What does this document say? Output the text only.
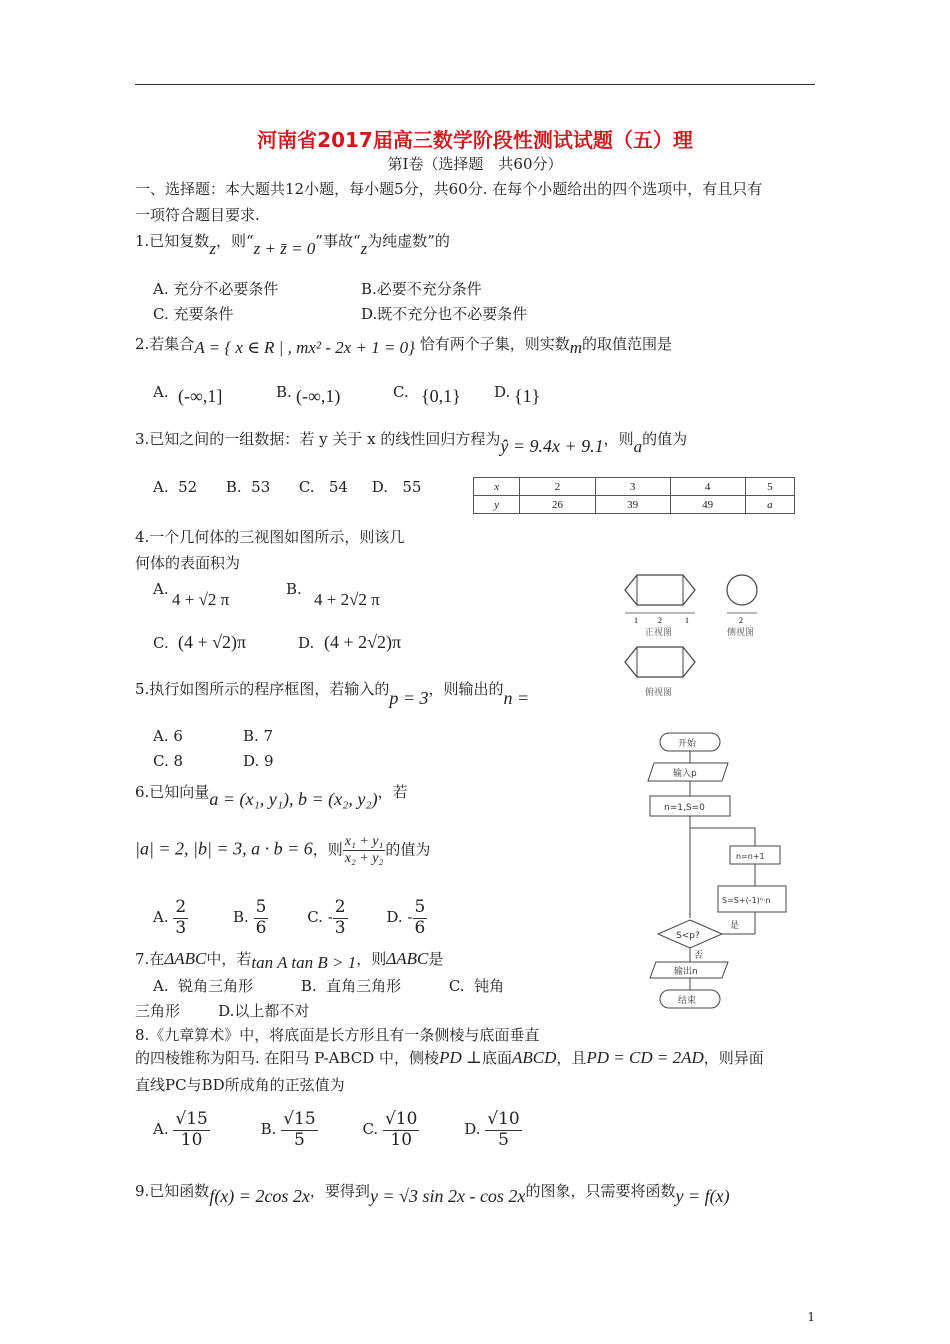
河南省2017届高三数学阶段性测试试题（五）理
第Ⅰ卷（选择题　共60分）
一、选择题：本大题共12小题，每小题5分，共60分. 在每个小题给出的四个选项中，有且只有
一项符合题目要求.
1.已知复数z，则“z + z̄ = 0”事故“z为纯虚数”的
A. 充分不必要条件	B.必要不充分条件
C. 充要条件	D.既不充分也不必要条件
2.若集合A = { x ∈ R | , mx² - 2x + 1 = 0} 恰有两个子集，则实数m的取值范围是
A. (-∞,1]	B. (-∞,1)	C. {0,1} D. {1}
3.已知之间的一组数据：若 y 关于 x 的线性回归方程为ŷ = 9.4x + 9.1，则a的值为
A.  52      B.  53      C.   54     D.   55	x	2	3	4	5
y	26	39	49	a
4.一个几何体的三视图如图所示，则该几
何体的表面积为
A.
4 + √2 π
B.
4 + 2√2 π
C. (4 + √2)π	D. (4 + 2√2)π
1	2	1
正视图
2
侧视图
俯视图
5.执行如图所示的程序框图，若输入的p = 3，则输出的n =
A. 6	B. 7
C. 8	D. 9
开始
输入p
n=1,S=0
n=n+1
S=S+(-1)ⁿ·n
S<p?
是
否
输出n
结束
6.已知向量a = (x₁, y₁), b = (x₂, y₂)，若
|a| = 2, |b| = 3, a · b = 6，则 $\frac{\text{x₁ + y₁}}{\text{x₂ + y₂}}$ 的值为
A. $\frac{2}{3}$	B. $\frac{5}{6}$	C. - $\frac{2}{3}$	D. - $\frac{5}{6}$
7.在ΔABC中，若tan A tan B > 1，则ΔABC是
A.  锐角三角形          B.  直角三角形          C.  钝角
三角形        D.以上都不对
8.《九章算术》中，将底面是长方形且有一条侧棱与底面垂直
的四棱锥称为阳马. 在阳马 P-ABCD 中，侧棱PD ⊥底面ABCD，且PD = CD = 2AD，则异面
直线PC与BD所成角的正弦值为
A. $\frac{√15}{10}$	B. $\frac{√15}{5}$	C. $\frac{√10}{10}$	D. $\frac{√10}{5}$
9.已知函数f(x) = 2cos 2x，要得到y = √3 sin 2x - cos 2x的图象，只需要将函数y = f(x)
1
